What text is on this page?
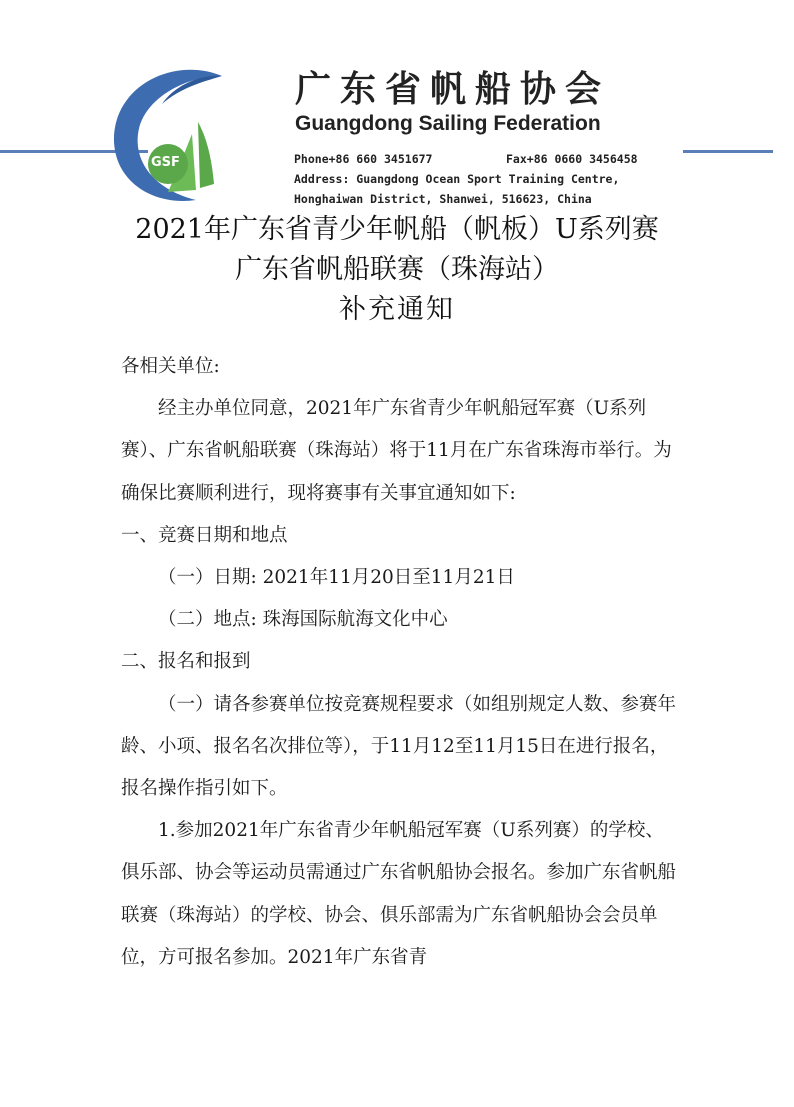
GSF
广东省帆船协会
Guangdong Sailing Federation
Phone+86 660 3451677	Fax+86 0660 3456458
Address: Guangdong Ocean Sport Training Centre,
Honghaiwan District, Shanwei, 516623, China
2021年广东省青少年帆船（帆板）U系列赛
广东省帆船联赛（珠海站）
补充通知

各相关单位:

经主办单位同意，2021年广东省青少年帆船冠军赛（U系列赛）、广东省帆船联赛（珠海站）将于11月在广东省珠海市举行。为确保比赛顺利进行，现将赛事有关事宜通知如下:

一、竞赛日期和地点

（一）日期: 2021年11月20日至11月21日

（二）地点: 珠海国际航海文化中心

二、报名和报到

（一）请各参赛单位按竞赛规程要求（如组别规定人数、参赛年龄、小项、报名名次排位等），于11月12至11月15日在进行报名，报名操作指引如下。

1.参加2021年广东省青少年帆船冠军赛（U系列赛）的学校、俱乐部、协会等运动员需通过广东省帆船协会报名。参加广东省帆船联赛（珠海站）的学校、协会、俱乐部需为广东省帆船协会会员单位，方可报名参加。2021年广东省青
